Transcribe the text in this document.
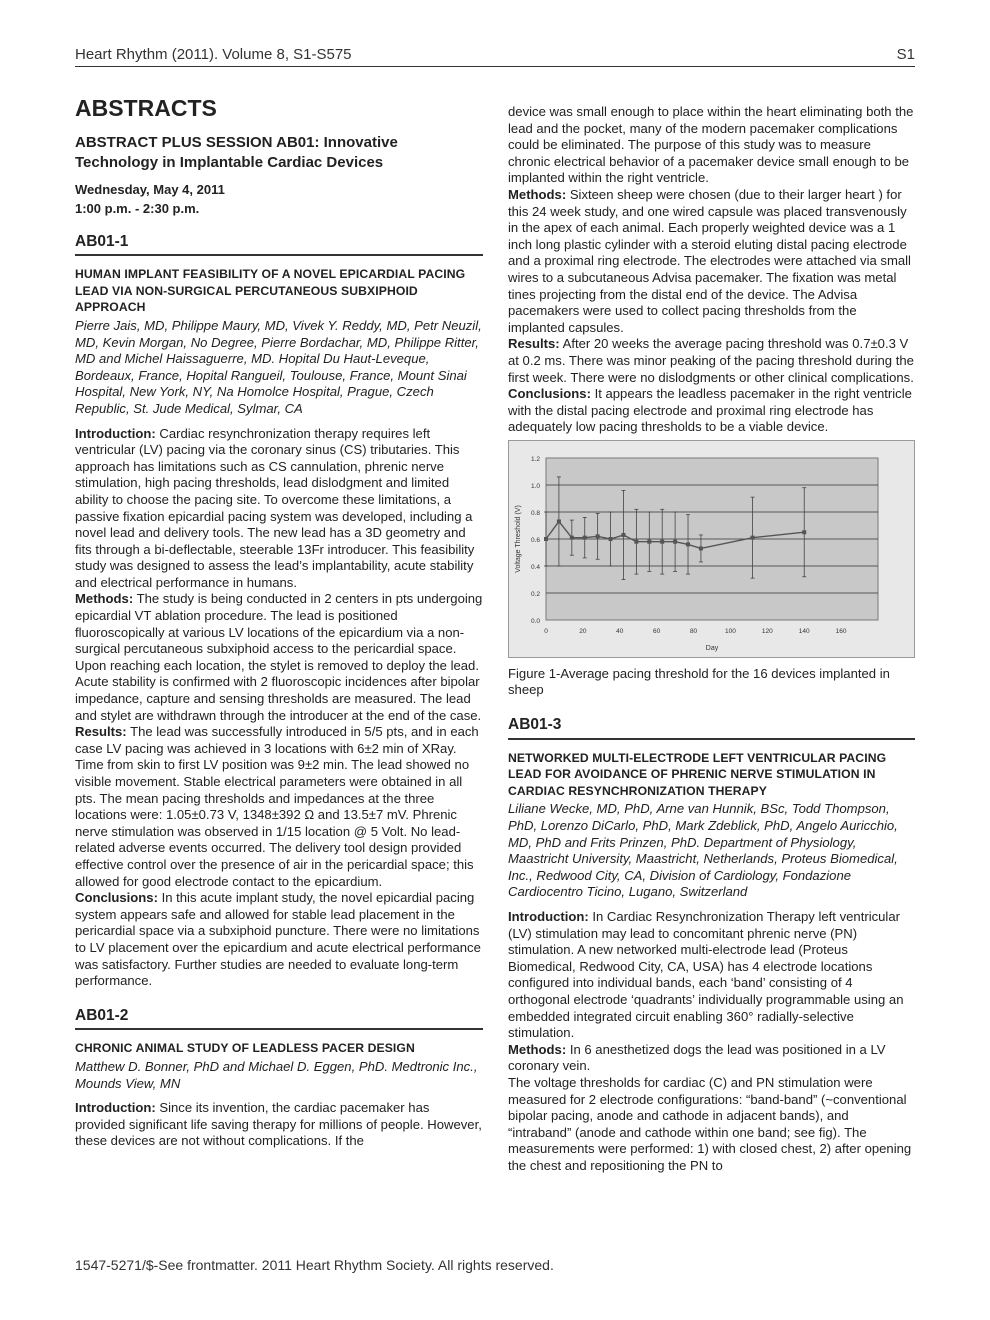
Heart Rhythm (2011). Volume 8, S1-S575	S1
ABSTRACTS
ABSTRACT PLUS SESSION AB01: Innovative Technology in Implantable Cardiac Devices
Wednesday, May 4, 2011
1:00 p.m. - 2:30 p.m.
AB01-1
HUMAN IMPLANT FEASIBILITY OF A NOVEL EPICARDIAL PACING LEAD VIA NON-SURGICAL PERCUTANEOUS SUBXIPHOID APPROACH
Pierre Jais, MD, Philippe Maury, MD, Vivek Y. Reddy, MD, Petr Neuzil, MD, Kevin Morgan, No Degree, Pierre Bordachar, MD, Philippe Ritter, MD and Michel Haissaguerre, MD. Hopital Du Haut-Leveque, Bordeaux, France, Hopital Rangueil, Toulouse, France, Mount Sinai Hospital, New York, NY, Na Homolce Hospital, Prague, Czech Republic, St. Jude Medical, Sylmar, CA

Introduction: Cardiac resynchronization therapy requires left ventricular (LV) pacing via the coronary sinus (CS) tributaries. This approach has limitations such as CS cannulation, phrenic nerve stimulation, high pacing thresholds, lead dislodgment and limited ability to choose the pacing site. To overcome these limitations, a passive fixation epicardial pacing system was developed, including a novel lead and delivery tools. The new lead has a 3D geometry and fits through a bi-deflectable, steerable 13Fr introducer. This feasibility study was designed to assess the lead’s implantability, acute stability and electrical performance in humans.

Methods: The study is being conducted in 2 centers in pts undergoing epicardial VT ablation procedure. The lead is positioned fluoroscopically at various LV locations of the epicardium via a non-surgical percutaneous subxiphoid access to the pericardial space. Upon reaching each location, the stylet is removed to deploy the lead. Acute stability is confirmed with 2 fluoroscopic incidences after bipolar impedance, capture and sensing thresholds are measured. The lead and stylet are withdrawn through the introducer at the end of the case.

Results: The lead was successfully introduced in 5/5 pts, and in each case LV pacing was achieved in 3 locations with 6±2 min of XRay. Time from skin to first LV position was 9±2 min. The lead showed no visible movement. Stable electrical parameters were obtained in all pts. The mean pacing thresholds and impedances at the three locations were: 1.05±0.73 V, 1348±392 Ω and 13.5±7 mV. Phrenic nerve stimulation was observed in 1/15 location @ 5 Volt. No lead-related adverse events occurred. The delivery tool design provided effective control over the presence of air in the pericardial space; this allowed for good electrode contact to the epicardium.

Conclusions: In this acute implant study, the novel epicardial pacing system appears safe and allowed for stable lead placement in the pericardial space via a subxiphoid puncture. There were no limitations to LV placement over the epicardium and acute electrical performance was satisfactory. Further studies are needed to evaluate long-term performance.

AB01-2
CHRONIC ANIMAL STUDY OF LEADLESS PACER DESIGN
Matthew D. Bonner, PhD and Michael D. Eggen, PhD. Medtronic Inc., Mounds View, MN

Introduction: Since its invention, the cardiac pacemaker has provided significant life saving therapy for millions of people. However, these devices are not without complications. If the

device was small enough to place within the heart eliminating both the lead and the pocket, many of the modern pacemaker complications could be eliminated. The purpose of this study was to measure chronic electrical behavior of a pacemaker device small enough to be implanted within the right ventricle.

Methods: Sixteen sheep were chosen (due to their larger heart ) for this 24 week study, and one wired capsule was placed transvenously in the apex of each animal. Each properly weighted device was a 1 inch long plastic cylinder with a steroid eluting distal pacing electrode and a proximal ring electrode. The electrodes were attached via small wires to a subcutaneous Advisa pacemaker. The fixation was metal tines projecting from the distal end of the device. The Advisa pacemakers were used to collect pacing thresholds from the implanted capsules.

Results: After 20 weeks the average pacing threshold was 0.7±0.3 V at 0.2 ms. There was minor peaking of the pacing threshold during the first week. There were no dislodgments or other clinical complications.

Conclusions: It appears the leadless pacemaker in the right ventricle with the distal pacing electrode and proximal ring electrode has adequately low pacing thresholds to be a viable device.

0.0
0.2
0.4
0.6
0.8
1.0
1.2
0	20	40	60	80	100	120	140	160
Day
Voltage Threshold (V)
Figure 1-Average pacing threshold for the 16 devices implanted in sheep
AB01-3
NETWORKED MULTI-ELECTRODE LEFT VENTRICULAR PACING LEAD FOR AVOIDANCE OF PHRENIC NERVE STIMULATION IN CARDIAC RESYNCHRONIZATION THERAPY
Liliane Wecke, MD, PhD, Arne van Hunnik, BSc, Todd Thompson, PhD, Lorenzo DiCarlo, PhD, Mark Zdeblick, PhD, Angelo Auricchio, MD, PhD and Frits Prinzen, PhD. Department of Physiology, Maastricht University, Maastricht, Netherlands, Proteus Biomedical, Inc., Redwood City, CA, Division of Cardiology, Fondazione Cardiocentro Ticino, Lugano, Switzerland

Introduction: In Cardiac Resynchronization Therapy left ventricular (LV) stimulation may lead to concomitant phrenic nerve (PN) stimulation. A new networked multi-electrode lead (Proteus Biomedical, Redwood City, CA, USA) has 4 electrode locations configured into individual bands, each ‘band’ consisting of 4 orthogonal electrode ‘quadrants’ individually programmable using an embedded integrated circuit enabling 360° radially-selective stimulation.

Methods: In 6 anesthetized dogs the lead was positioned in a LV coronary vein.

The voltage thresholds for cardiac (C) and PN stimulation were measured for 2 electrode configurations: “band-band” (~conventional bipolar pacing, anode and cathode in adjacent bands), and “intraband” (anode and cathode within one band; see fig). The measurements were performed: 1) with closed chest, 2) after opening the chest and repositioning the PN to

1547-5271/$-See frontmatter. 2011 Heart Rhythm Society. All rights reserved.
